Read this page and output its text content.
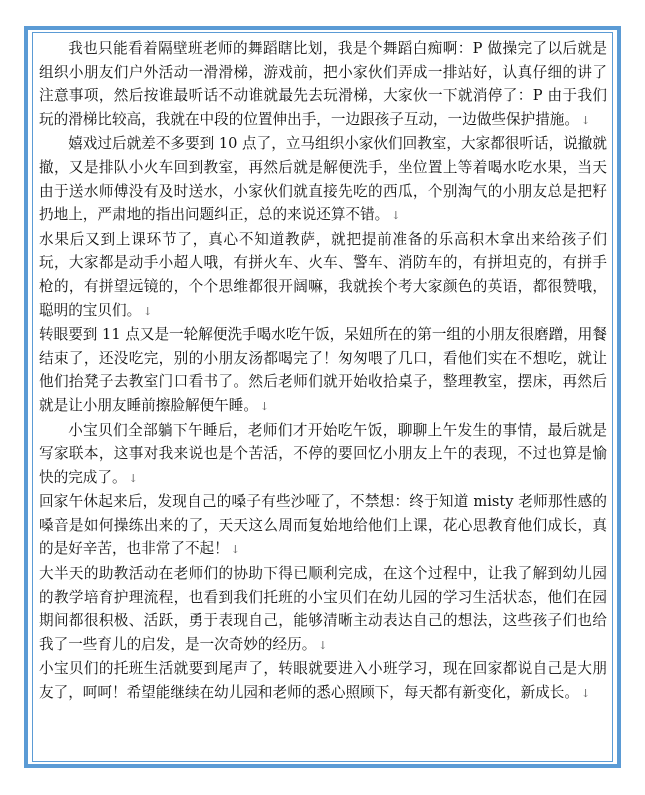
我也只能看着隔壁班老师的舞蹈瞎比划，我是个舞蹈白痴啊：P 做操完了以后就是组织小朋友们户外活动一滑滑梯，游戏前，把小家伙们弄成一排站好，认真仔细的讲了注意事项，然后按谁最听话不动谁就最先去玩滑梯，大家伙一下就消停了：P 由于我们玩的滑梯比较高，我就在中段的位置伸出手，一边跟孩子互动，一边做些保护措施。 ↓

嬉戏过后就差不多要到 10 点了，立马组织小家伙们回教室，大家都很听话，说撤就撤，又是排队小火车回到教室，再然后就是解便洗手，坐位置上等着喝水吃水果，当天由于送水师傅没有及时送水，小家伙们就直接先吃的西瓜，个别淘气的小朋友总是把籽扔地上，严肃地的指出问题纠正，总的来说还算不错。 ↓

水果后又到上课环节了，真心不知道教萨，就把提前准备的乐高积木拿出来给孩子们玩，大家都是动手小超人哦，有拼火车、火车、警车、消防车的，有拼坦克的，有拼手枪的，有拼望远镜的，个个思维都很开阔嘛，我就挨个考大家颜色的英语，都很赞哦，聪明的宝贝们。 ↓

转眼要到 11 点又是一轮解便洗手喝水吃午饭，呆妞所在的第一组的小朋友很磨蹭，用餐结束了，还没吃完，别的小朋友汤都喝完了！匆匆喂了几口，看他们实在不想吃，就让他们抬凳子去教室门口看书了。然后老师们就开始收拾桌子，整理教室，摆床，再然后就是让小朋友睡前擦脸解便午睡。 ↓

小宝贝们全部躺下午睡后，老师们才开始吃午饭，聊聊上午发生的事情，最后就是写家联本，这事对我来说也是个苦活，不停的要回忆小朋友上午的表现，不过也算是愉快的完成了。 ↓

回家午休起来后，发现自己的嗓子有些沙哑了，不禁想：终于知道 misty 老师那性感的嗓音是如何操练出来的了，天天这么周而复始地给他们上课，花心思教育他们成长，真的是好辛苦，也非常了不起！ ↓

大半天的助教活动在老师们的协助下得已顺利完成，在这个过程中，让我了解到幼儿园的教学培育护理流程，也看到我们托班的小宝贝们在幼儿园的学习生活状态，他们在园期间都很积极、活跃，勇于表现自己，能够清晰主动表达自己的想法，这些孩子们也给我了一些育儿的启发，是一次奇妙的经历。 ↓

小宝贝们的托班生活就要到尾声了，转眼就要进入小班学习，现在回家都说自己是大朋友了，呵呵！希望能继续在幼儿园和老师的悉心照顾下，每天都有新变化，新成长。 ↓
